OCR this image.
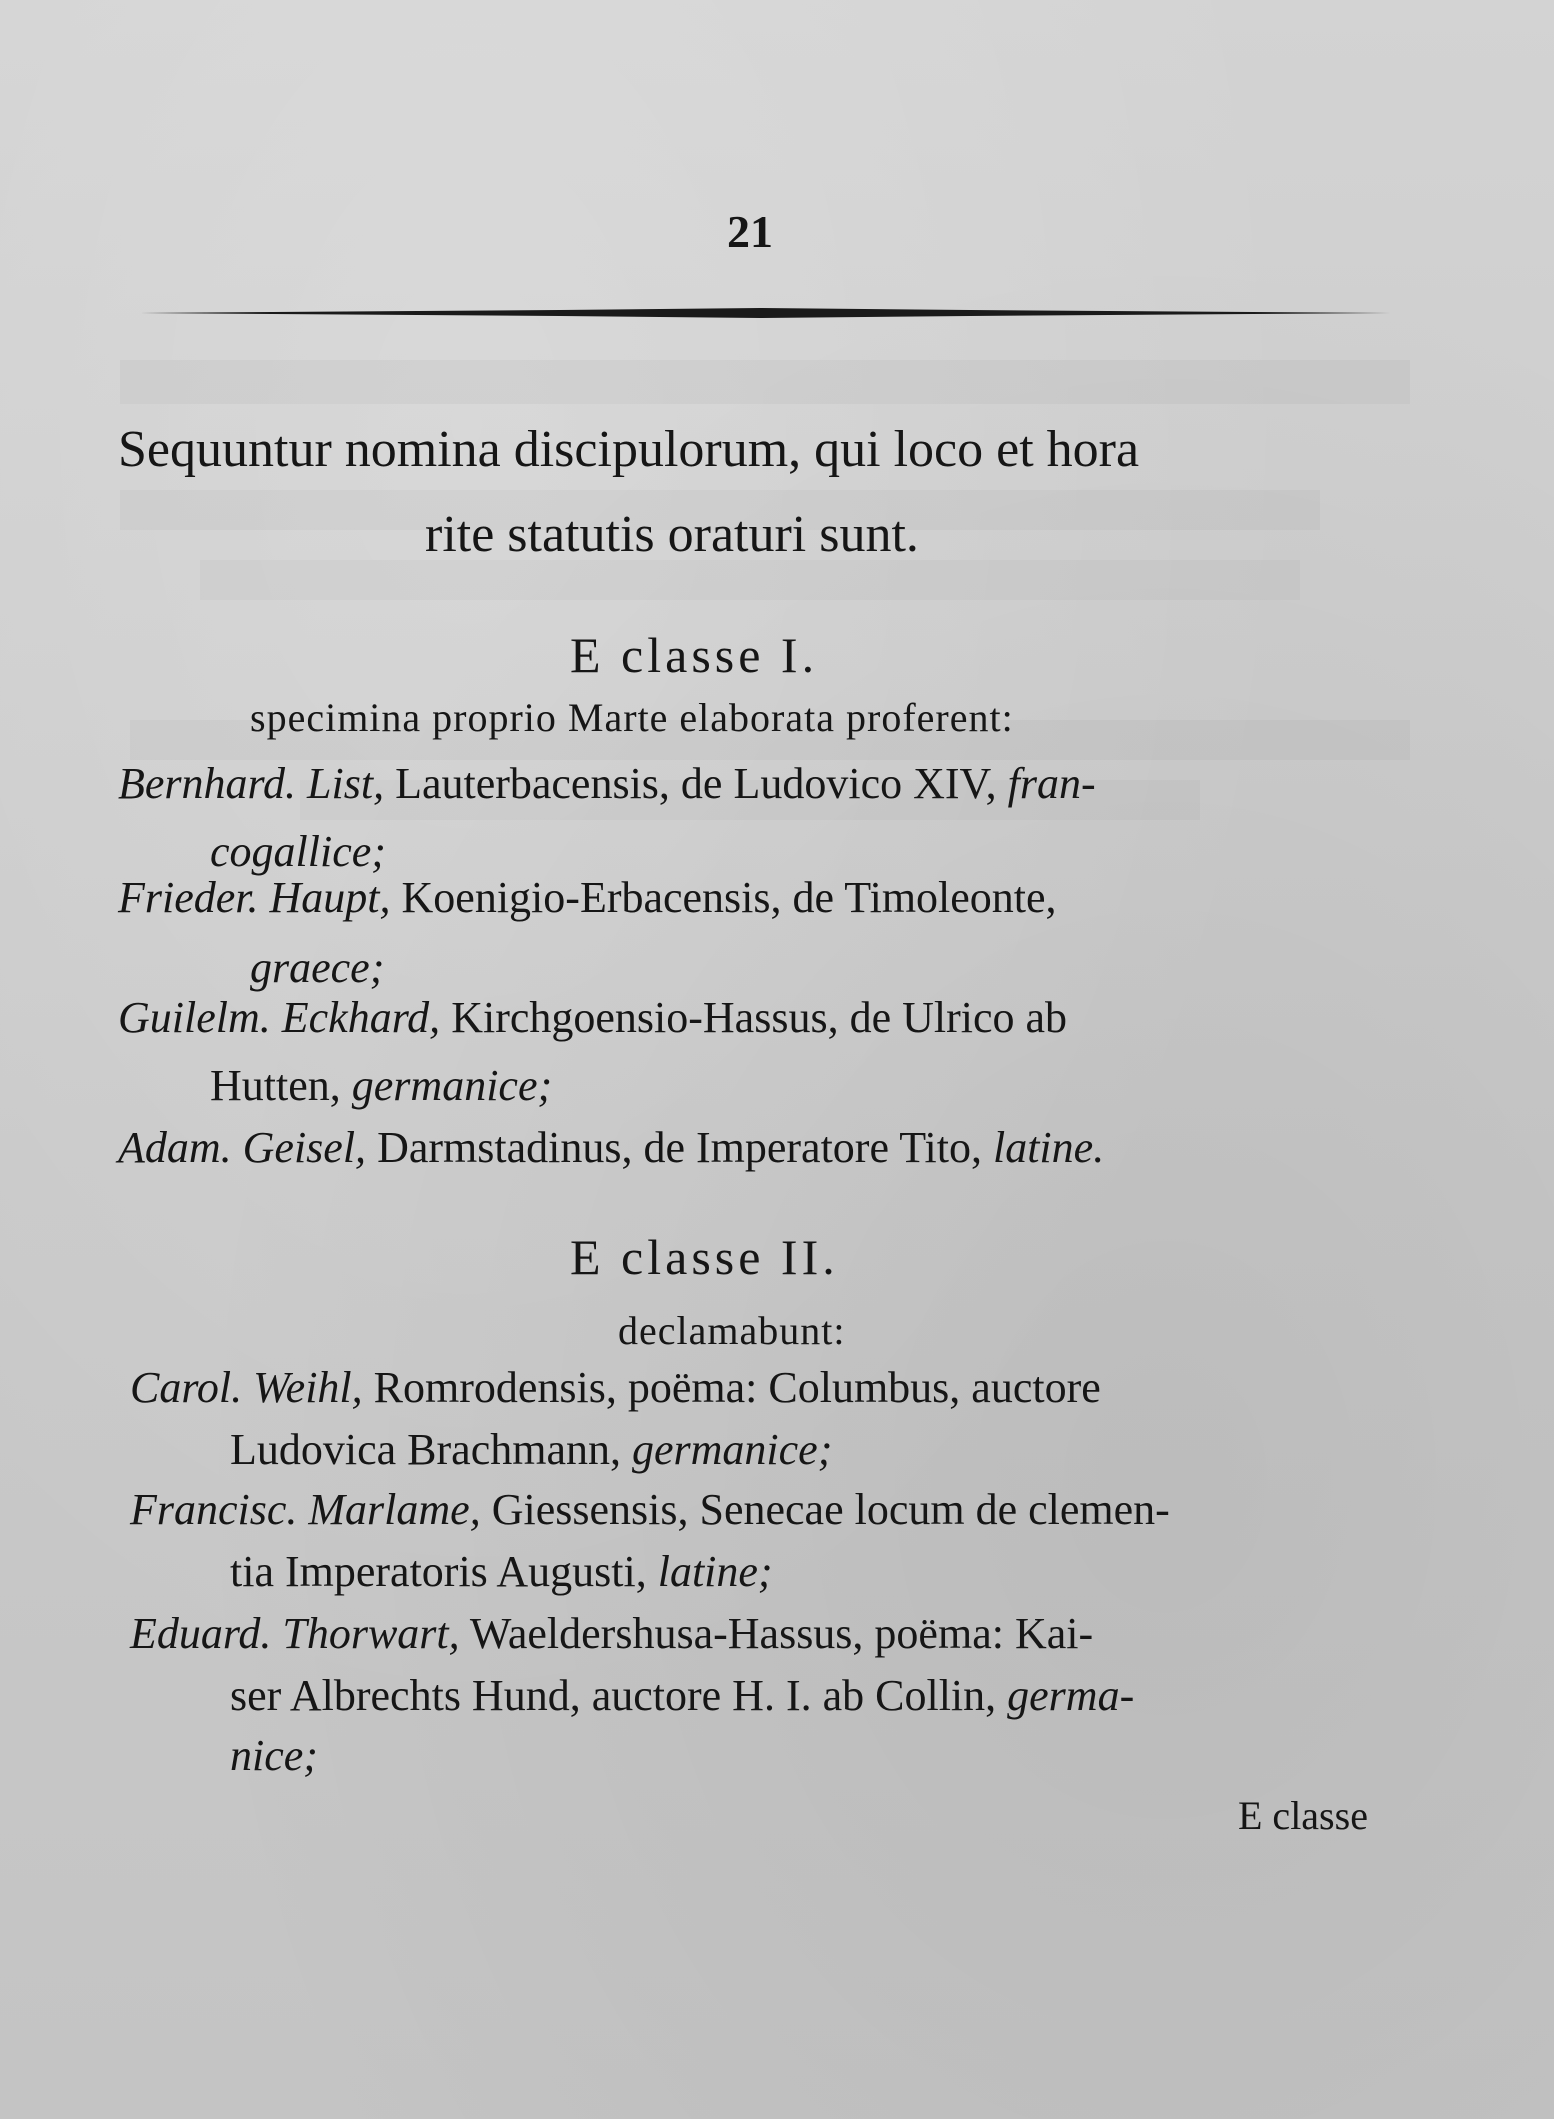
21
Sequuntur nomina discipulorum, qui loco et hora
rite statutis oraturi sunt.
E classe I.
specimina proprio Marte elaborata proferent:
Bernhard. List, Lauterbacensis, de Ludovico XIV, fran-
cogallice;
Frieder. Haupt, Koenigio-Erbacensis, de Timoleonte,
graece;
Guilelm. Eckhard, Kirchgoensio-Hassus, de Ulrico ab
Hutten, germanice;
Adam. Geisel, Darmstadinus, de Imperatore Tito, latine.
E classe II.
declamabunt:
Carol. Weihl, Romrodensis, poëma: Columbus, auctore
Ludovica Brachmann, germanice;
Francisc. Marlame, Giessensis, Senecae locum de clemen-
tia Imperatoris Augusti, latine;
Eduard. Thorwart, Waeldershusa-Hassus, poëma: Kai-
ser Albrechts Hund, auctore H. I. ab Collin, germa-
nice;
E classe
